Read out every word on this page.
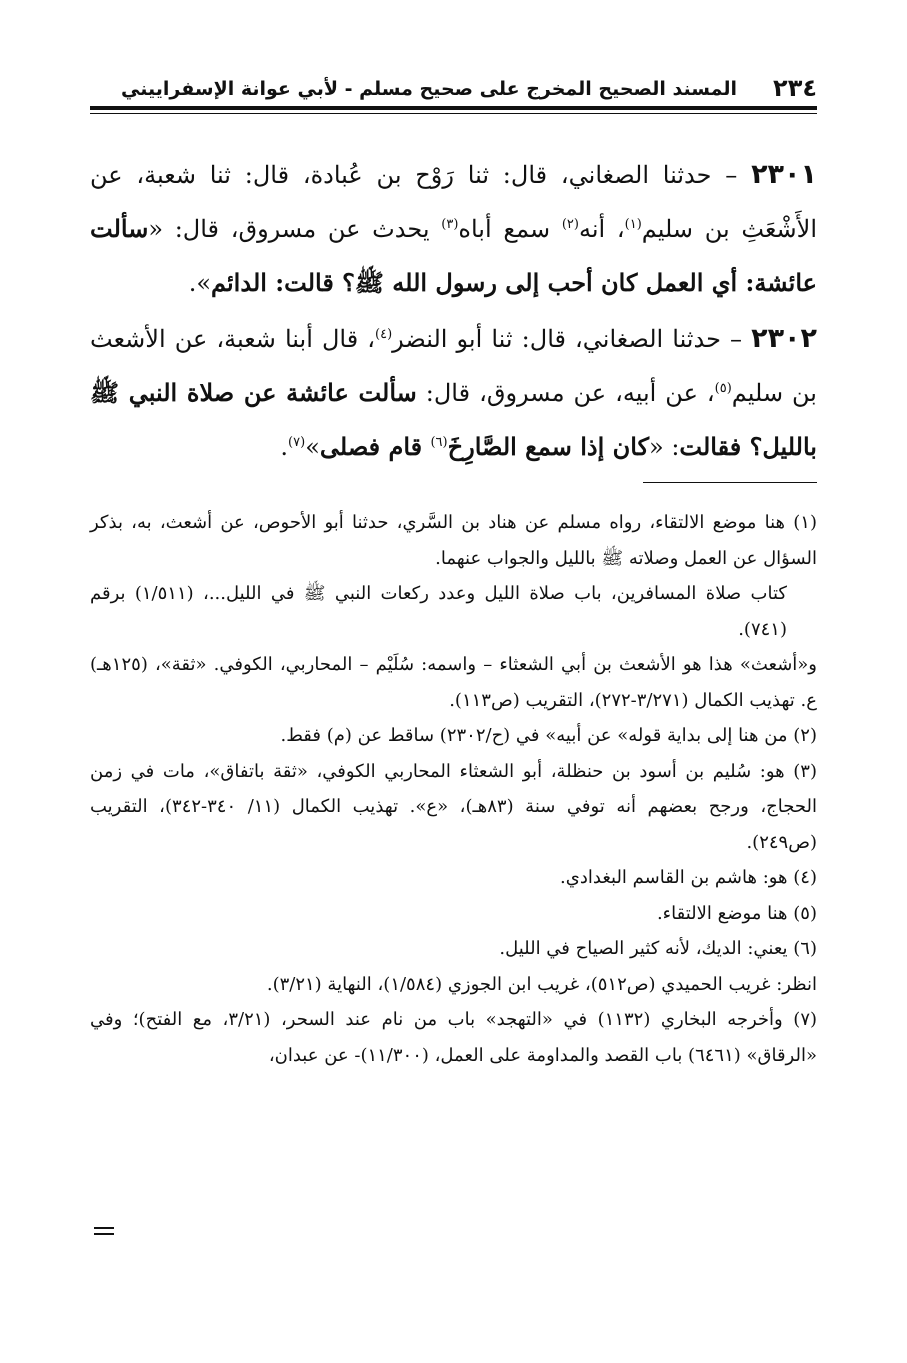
٢٣٤
المسند الصحيح المخرج على صحيح مسلم - لأبي عوانة الإسفراييني

٢٣٠١ – حدثنا الصغاني، قال: ثنا رَوْح بن عُبادة، قال: ثنا شعبة، عن الأَشْعَثِ بن سليم$^{(١)}$، أنه$^{(٢)}$ سمع أباه$^{(٣)}$ يحدث عن مسروق، قال: «سألت عائشة: أي العمل كان أحب إلى رسول الله ﷺ؟ قالت: الدائم».

٢٣٠٢ – حدثنا الصغاني، قال: ثنا أبو النضر$^{(٤)}$، قال أبنا شعبة، عن الأشعث بن سليم$^{(٥)}$، عن أبيه، عن مسروق، قال: سألت عائشة عن صلاة النبي ﷺ بالليل؟ فقالت: «كان إذا سمع الصَّارِخَ$^{(٦)}$ قام فصلى»$^{(٧)}$.

(١) هنا موضع الالتقاء، رواه مسلم عن هناد بن السَّري، حدثنا أبو الأحوص، عن أشعث، به، بذكر السؤال عن العمل وصلاته ﷺ بالليل والجواب عنهما.

كتاب صلاة المسافرين، باب صلاة الليل وعدد ركعات النبي ﷺ في الليل...، (١/٥١١) برقم (٧٤١).

و«أشعث» هذا هو الأشعث بن أبي الشعثاء – واسمه: سُلَيْم – المحاربي، الكوفي. «ثقة»، (١٢٥هـ) ع. تهذيب الكمال (٣/٢٧١-٢٧٢)، التقريب (ص١١٣).

(٢) من هنا إلى بداية قوله» عن أبيه» في (ح/٢٣٠٢) ساقط عن (م) فقط.

(٣) هو: سُليم بن أسود بن حنظلة، أبو الشعثاء المحاربي الكوفي، «ثقة باتفاق»، مات في زمن الحجاج، ورجح بعضهم أنه توفي سنة (٨٣هـ)، «ع». تهذيب الكمال (١١/ ٣٤٠-٣٤٢)، التقريب (ص٢٤٩).

(٤) هو: هاشم بن القاسم البغدادي.

(٥) هنا موضع الالتقاء.

(٦) يعني: الديك، لأنه كثير الصياح في الليل.

انظر: غريب الحميدي (ص٥١٢)، غريب ابن الجوزي (١/٥٨٤)، النهاية (٣/٢١).

(٧) وأخرجه البخاري (١١٣٢) في «التهجد» باب من نام عند السحر، (٣/٢١، مع الفتح)؛ وفي «الرقاق» (٦٤٦١) باب القصد والمداومة على العمل، (١١/٣٠٠)- عن عبدان،
